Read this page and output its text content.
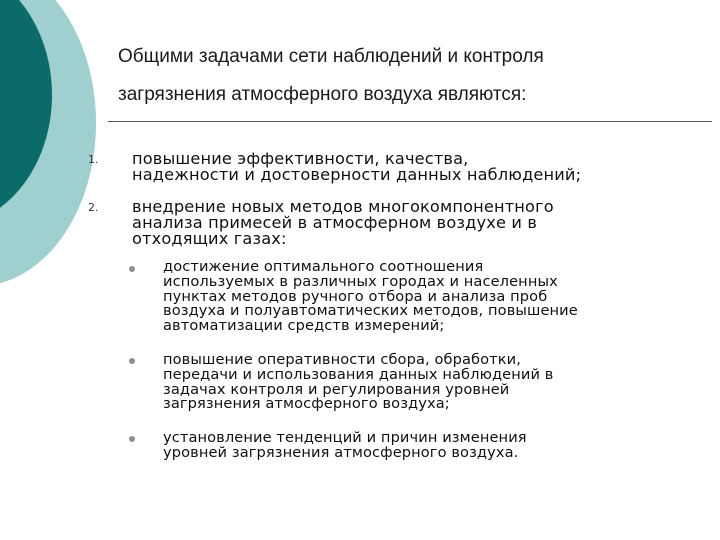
Общими задачами сети наблюдений и контроля
загрязнения атмосферного воздуха являются:
1. повышение эффективности, качества,
надежности и достоверности данных наблюдений;
2. внедрение новых методов многокомпонентного
анализа примесей в атмосферном воздухе и в
отходящих газах:
достижение оптимального соотношения
используемых в различных городах и населенных
пунктах методов ручного отбора и анализа проб
воздуха и полуавтоматических методов, повышение
автоматизации средств измерений;
повышение оперативности сбора, обработки,
передачи и использования данных наблюдений в
задачах контроля и регулирования уровней
загрязнения атмосферного воздуха;
установление тенденций и причин изменения
уровней загрязнения атмосферного воздуха.
